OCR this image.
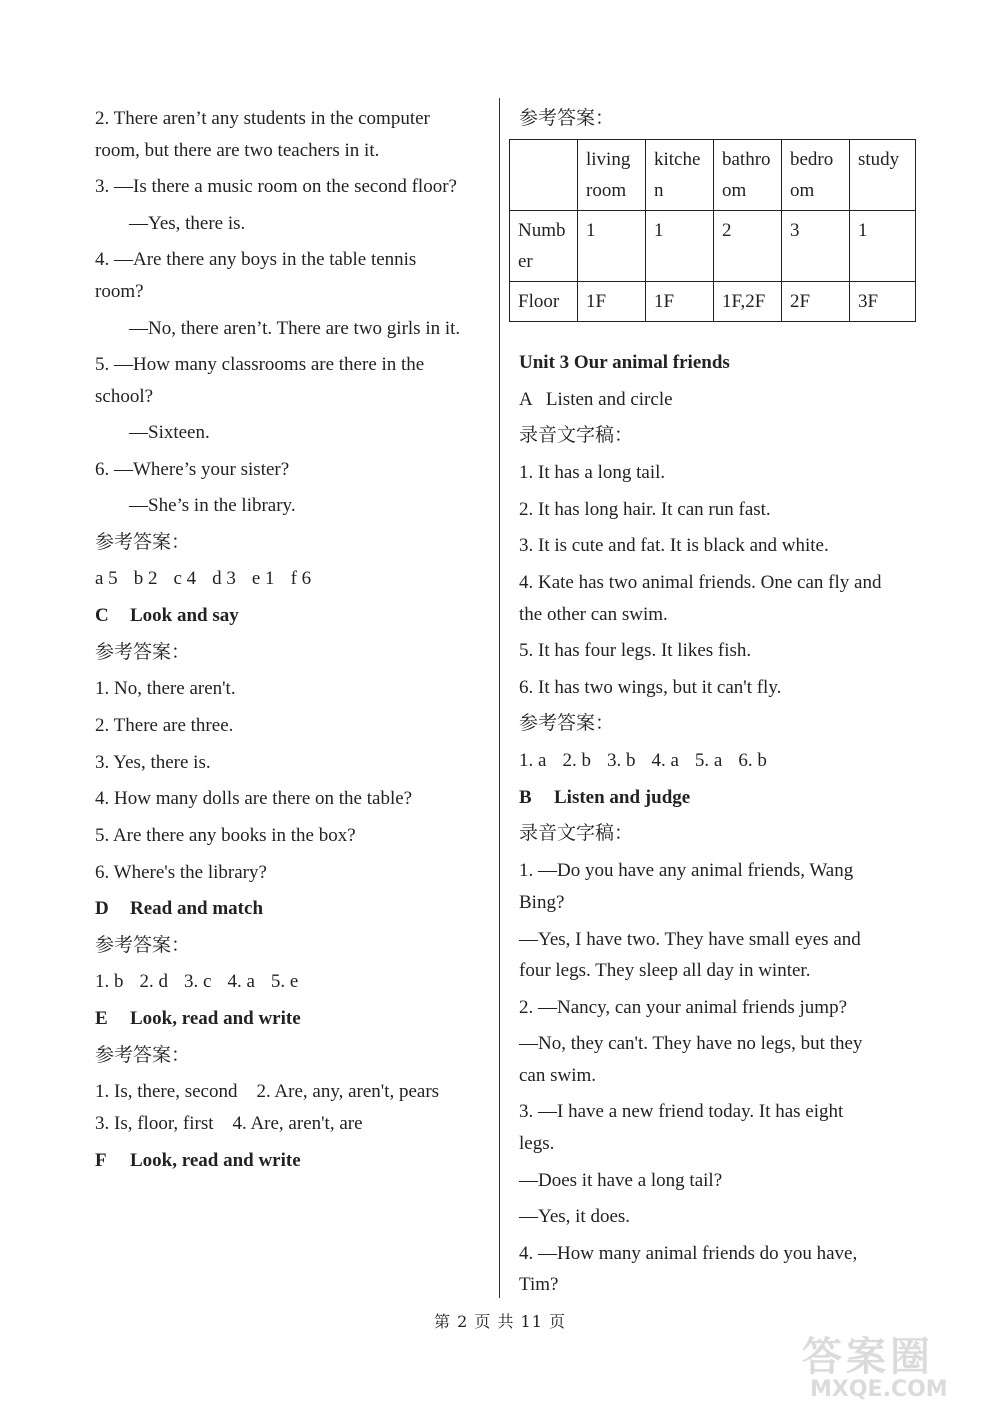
2. There aren’t any students in the computer
room, but there are two teachers in it.
3. —Is there a music room on the second floor?
—Yes, there is.
4. —Are there any boys in the table tennis
room?
—No, there aren’t. There are two girls in it.
5. —How many classrooms are there in the
school?
—Sixteen.
6. —Where’s your sister?
—She’s in the library.
参考答案：
a 5 b 2 c 4 d 3 e 1 f 6
C Look and say
参考答案：
1. No, there aren't.
2. There are three.
3. Yes, there is.
4. How many dolls are there on the table?
5. Are there any books in the box?
6. Where's the library?
D Read and match
参考答案：
1. b 2. d 3. c 4. a 5. e
E Look, read and write
参考答案：
1. Is, there, second    2. Are, any, aren't, pears
3. Is, floor, first    4. Are, aren't, are
F Look, read and write
参考答案：
	living room	kitchen	bathroom	bedroom	study
Number	1	1	2	3	1
Floor	1F	1F	1F,2F	2F	3F
Unit 3 Our animal friends
A   Listen and circle
录音文字稿：
1. It has a long tail.
2. It has long hair. It can run fast.
3. It is cute and fat. It is black and white.
4. Kate has two animal friends. One can fly and
the other can swim.
5. It has four legs. It likes fish.
6. It has two wings, but it can't fly.
参考答案：
1. a 2. b 3. b 4. a 5. a 6. b
B Listen and judge
录音文字稿：
1. —Do you have any animal friends, Wang
Bing?
—Yes, I have two. They have small eyes and
four legs. They sleep all day in winter.
2. —Nancy, can your animal friends jump?
—No, they can't. They have no legs, but they
can swim.
3. —I have a new friend today. It has eight
legs.
—Does it have a long tail?
—Yes, it does.
4. —How many animal friends do you have,
Tim?
第 2 页 共 11 页
答案圈
MXQE.COM
